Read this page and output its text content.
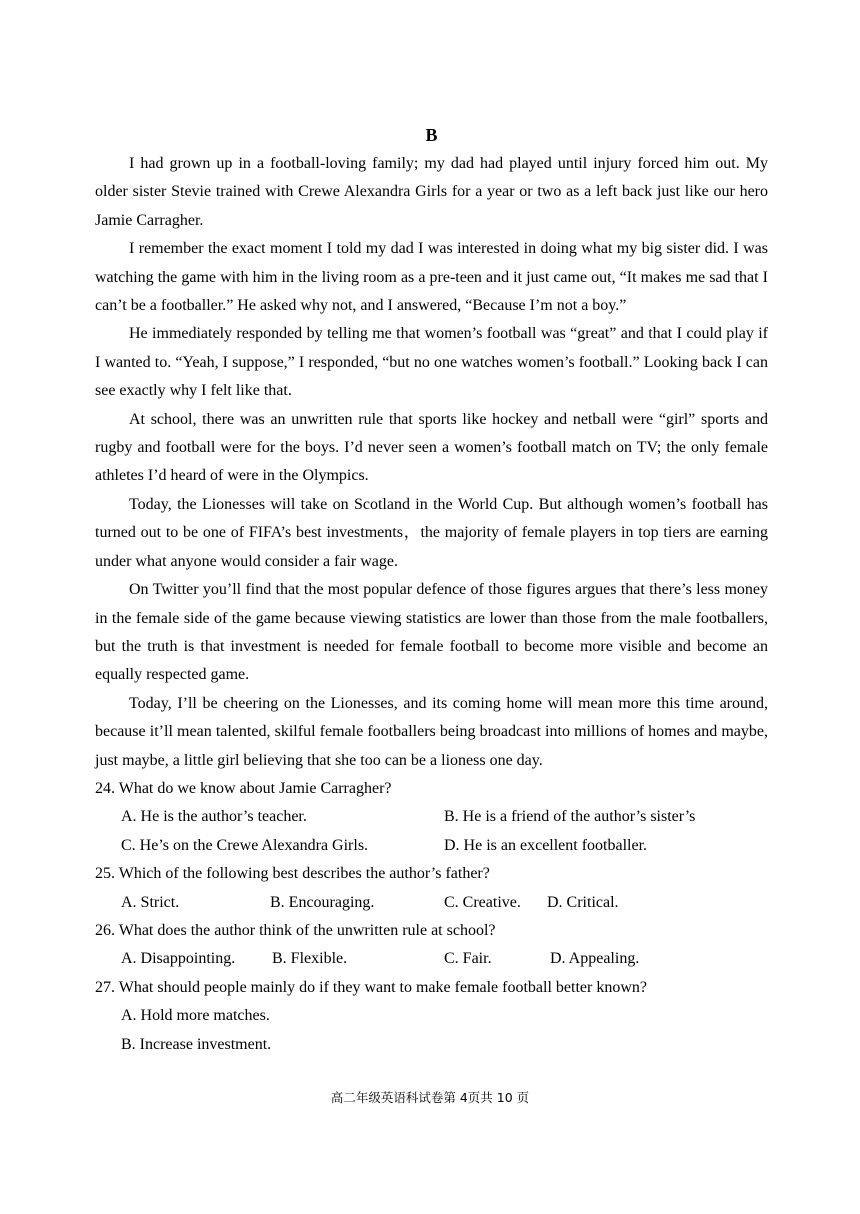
B

I had grown up in a football-loving family; my dad had played until injury forced him out. My older sister Stevie trained with Crewe Alexandra Girls for a year or two as a left back just like our hero Jamie Carragher.

I remember the exact moment I told my dad I was interested in doing what my big sister did. I was watching the game with him in the living room as a pre-teen and it just came out, “It makes me sad that I can’t be a footballer.” He asked why not, and I answered, “Because I’m not a boy.”

He immediately responded by telling me that women’s football was “great” and that I could play if I wanted to. “Yeah, I suppose,” I responded, “but no one watches women’s football.” Looking back I can see exactly why I felt like that.

At school, there was an unwritten rule that sports like hockey and netball were “girl” sports and rugby and football were for the boys. I’d never seen a women’s football match on TV; the only female athletes I’d heard of were in the Olympics.

Today, the Lionesses will take on Scotland in the World Cup. But although women’s football has turned out to be one of FIFA’s best investments，the majority of female players in top tiers are earning under what anyone would consider a fair wage.

On Twitter you’ll find that the most popular defence of those figures argues that there’s less money in the female side of the game because viewing statistics are lower than those from the male footballers, but the truth is that investment is needed for female football to become more visible and become an equally respected game.

Today, I’ll be cheering on the Lionesses, and its coming home will mean more this time around, because it’ll mean talented, skilful female footballers being broadcast into millions of homes and maybe, just maybe, a little girl believing that she too can be a lioness one day.

24. What do we know about Jamie Carragher?

A. He is the author’s teacher.	B. He is a friend of the author’s sister’s
C. He’s on the Crewe Alexandra Girls.	D. He is an excellent footballer.

25. Which of the following best describes the author’s father?

A. Strict.	B. Encouraging.	C. Creative. D. Critical.

26. What does the author think of the unwritten rule at school?

A. Disappointing. B. Flexible.	C. Fair.	D. Appealing.

27. What should people mainly do if they want to make female football better known?

A. Hold more matches.
B. Increase investment.
高二年级英语科试卷第 4页共 10 页
